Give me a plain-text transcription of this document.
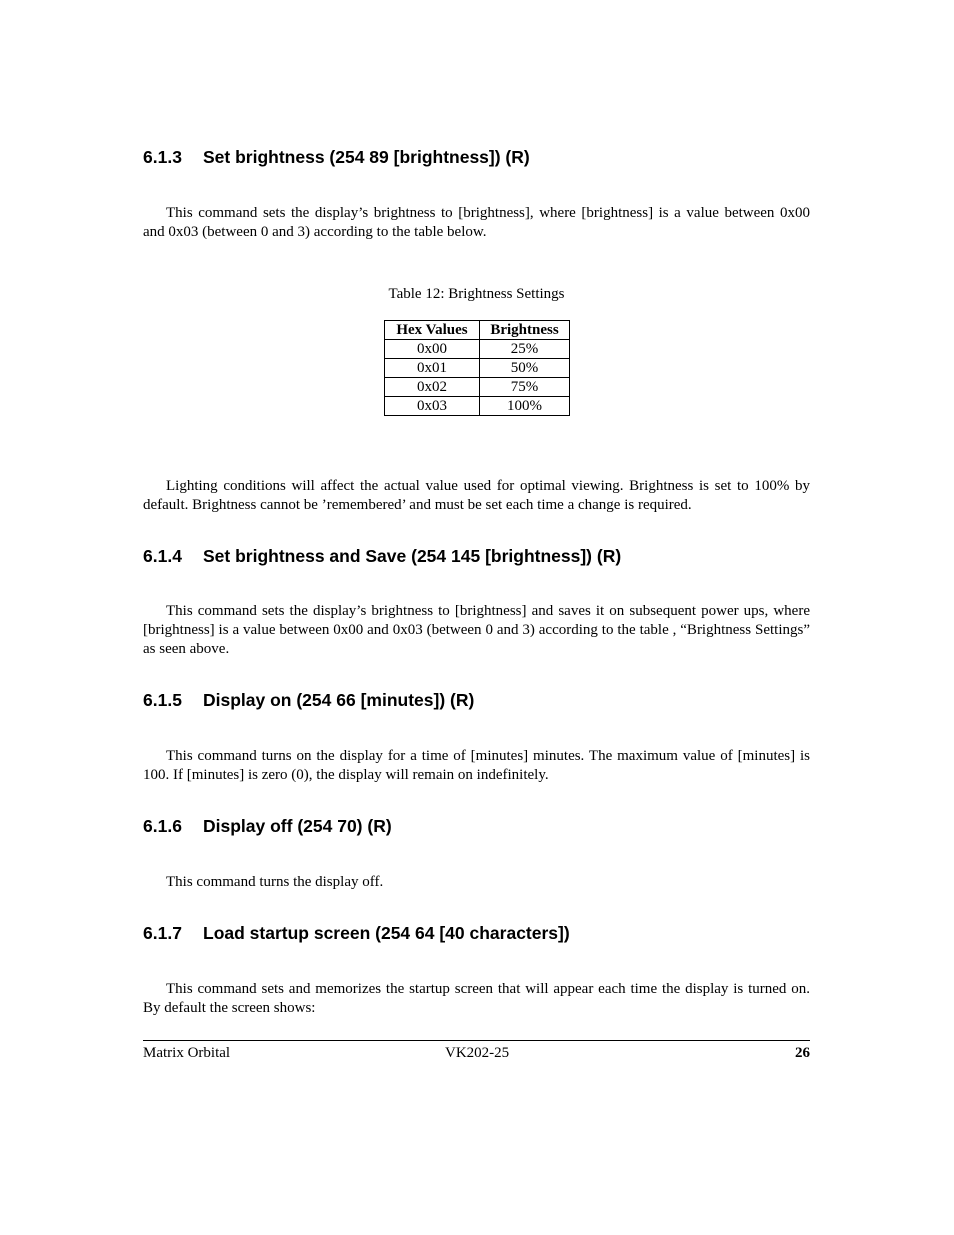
6.1.3 Set brightness (254 89 [brightness]) (R)
This command sets the display’s brightness to [brightness], where [brightness] is a value between 0x00 and 0x03 (between 0 and 3) according to the table below.
Table 12: Brightness Settings
Hex Values	Brightness
0x00	25%
0x01	50%
0x02	75%
0x03	100%
Lighting conditions will affect the actual value used for optimal viewing. Brightness is set to 100% by default. Brightness cannot be ’remembered’ and must be set each time a change is required.
6.1.4 Set brightness and Save (254 145 [brightness]) (R)
This command sets the display’s brightness to [brightness] and saves it on subsequent power ups, where [brightness] is a value between 0x00 and 0x03 (between 0 and 3) according to the table , “Brightness Settings” as seen above.
6.1.5 Display on (254 66 [minutes]) (R)
This command turns on the display for a time of [minutes] minutes. The maximum value of [minutes] is 100. If [minutes] is zero (0), the display will remain on indefinitely.
6.1.6 Display off (254 70) (R)
This command turns the display off.
6.1.7 Load startup screen (254 64 [40 characters])
This command sets and memorizes the startup screen that will appear each time the display is turned on. By default the screen shows:
Matrix Orbital	VK202-25	26
